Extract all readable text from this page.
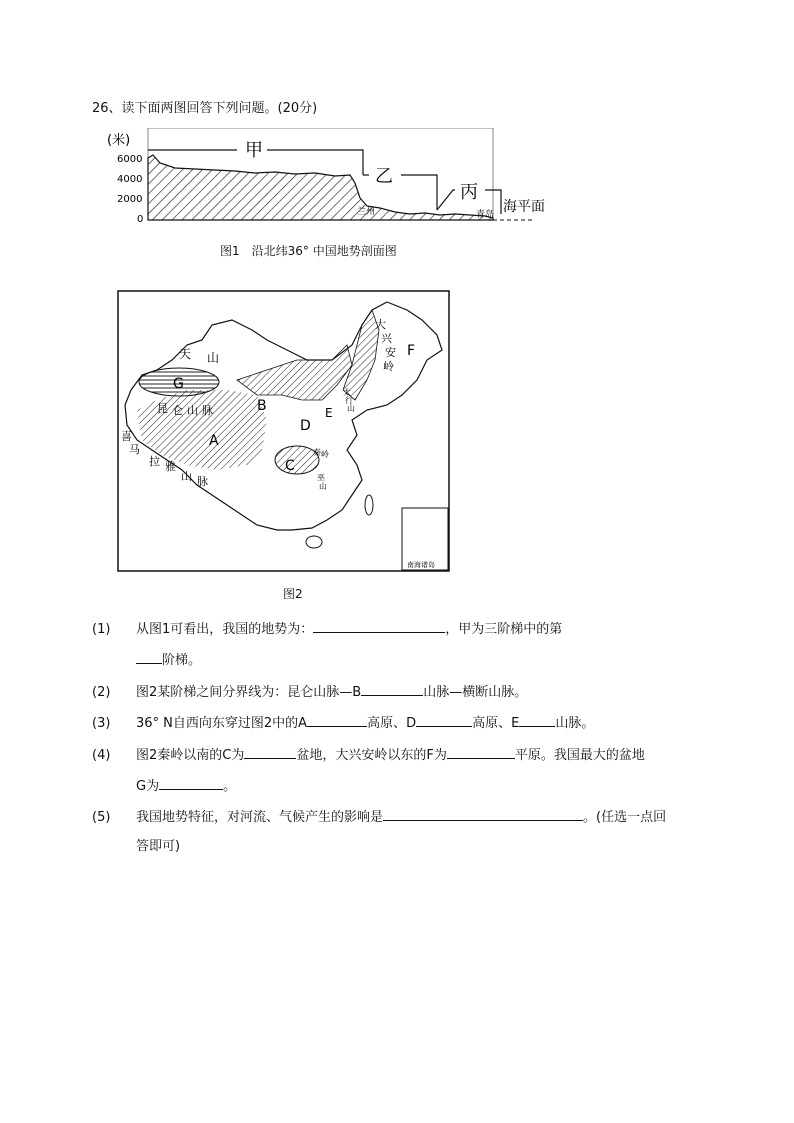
26、读下面两图回答下列问题。(20分)
(米)
6000
4000
2000
0
甲
乙
丙
兰州	青岛 海平面
图1　沿北纬36° 中国地势剖面图
南海诸岛
G
A
B
C
D
E
F
天 山
昆 仑 山 脉
喜
马
拉 雅
山 脉
大
兴
安
岭
秦 岭
太
行
山
巫
山
图2
(1) 从图1可看出，我国的地势为：	，甲为三阶梯中的第
阶梯。
(2) 图2某阶梯之间分界线为：昆仑山脉—B	山脉—横断山脉。
(3) 36° N自西向东穿过图2中的A	高原、D	高原、E	山脉。
(4) 图2秦岭以南的C为	盆地，大兴安岭以东的F为	平原。我国最大的盆地
G为	。
(5) 我国地势特征，对河流、气候产生的影响是	。(任选一点回
答即可)
